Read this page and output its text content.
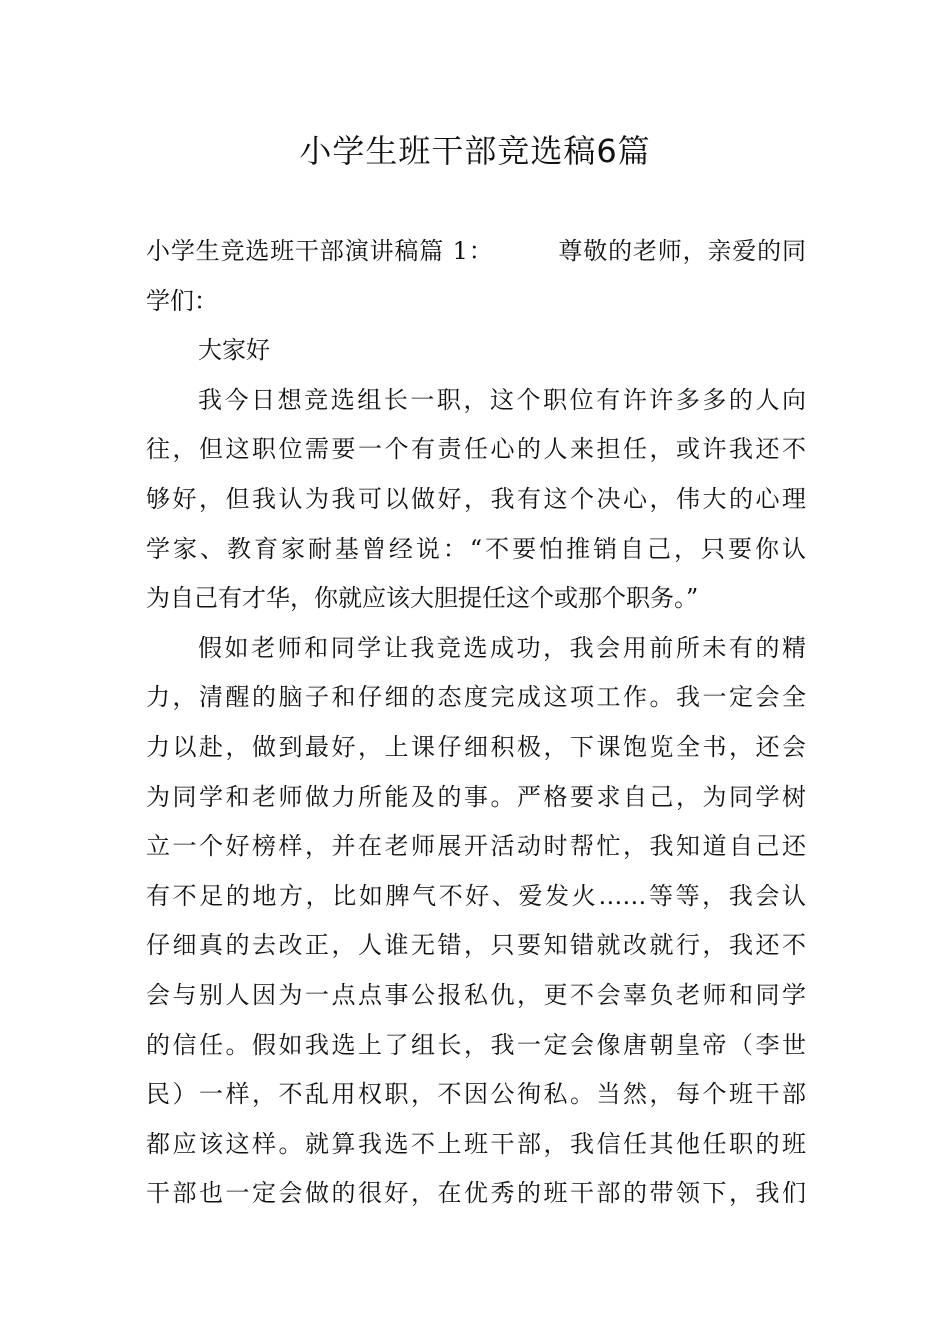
小学生班干部竞选稿6篇
小学生竞选班干部演讲稿篇 1：	尊敬的老师，亲爱的同
学们：
大家好
我今日想竞选组长一职，这个职位有许许多多的人向
往，但这职位需要一个有责任心的人来担任，或许我还不
够好，但我认为我可以做好，我有这个决心，伟大的心理
学家、教育家耐基曾经说：“不要怕推销自己，只要你认
为自己有才华，你就应该大胆提任这个或那个职务。”
假如老师和同学让我竞选成功，我会用前所未有的精
力，清醒的脑子和仔细的态度完成这项工作。我一定会全
力以赴，做到最好，上课仔细积极，下课饱览全书，还会
为同学和老师做力所能及的事。严格要求自己，为同学树
立一个好榜样，并在老师展开活动时帮忙，我知道自己还
有不足的地方，比如脾气不好、爱发火……等等，我会认
仔细真的去改正，人谁无错，只要知错就改就行，我还不
会与别人因为一点点事公报私仇，更不会辜负老师和同学
的信任。假如我选上了组长，我一定会像唐朝皇帝（李世
民）一样，不乱用权职，不因公徇私。当然，每个班干部
都应该这样。就算我选不上班干部，我信任其他任职的班
干部也一定会做的很好，在优秀的班干部的带领下，我们
